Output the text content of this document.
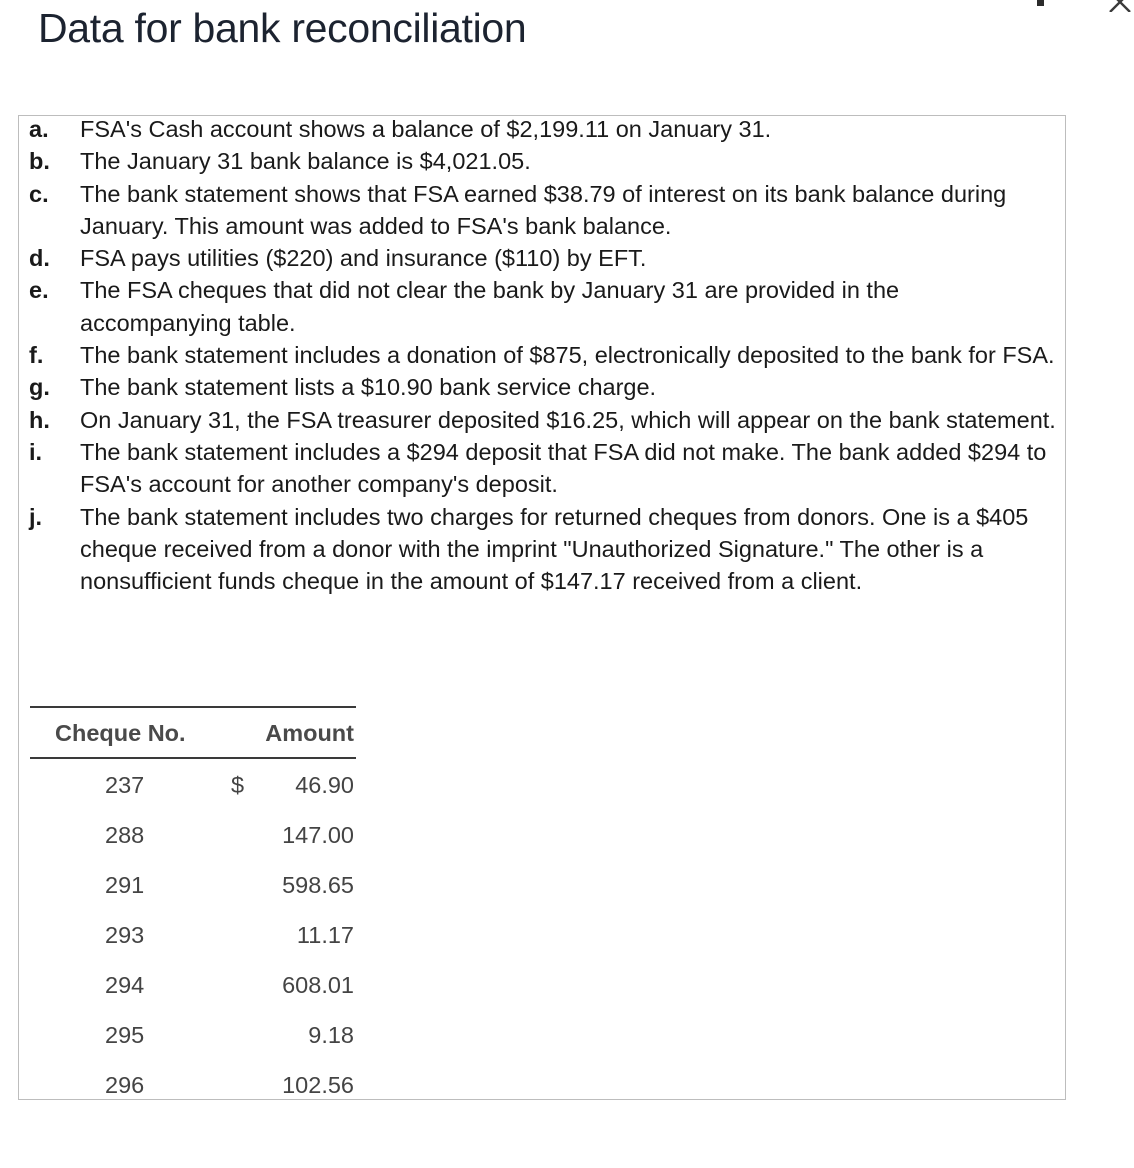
Data for bank reconciliation
a.	FSA's Cash account shows a balance of $2,199.11 on January 31.
b.	The January 31 bank balance is $4,021.05.
c.	The bank statement shows that FSA earned $38.79 of interest on its bank balance during January. This amount was added to FSA's bank balance.
d.	FSA pays utilities ($220) and insurance ($110) by EFT.
e.	The FSA cheques that did not clear the bank by January 31 are provided in the accompanying table.
f.	The bank statement includes a donation of $875, electronically deposited to the bank for FSA.
g.	The bank statement lists a $10.90 bank service charge.
h.	On January 31, the FSA treasurer deposited $16.25, which will appear on the bank statement.
i.	The bank statement includes a $294 deposit that FSA did not make. The bank added $294 to FSA's account for another company's deposit.
j.	The bank statement includes two charges for returned cheques from donors. One is a $405 cheque received from a donor with the imprint "Unauthorized Signature." The other is a nonsufficient funds cheque in the amount of $147.17 received from a client.
Cheque No.	Amount
237	$ 46.90
288	147.00
291	598.65
293	11.17
294	608.01
295	9.18
296	102.56
